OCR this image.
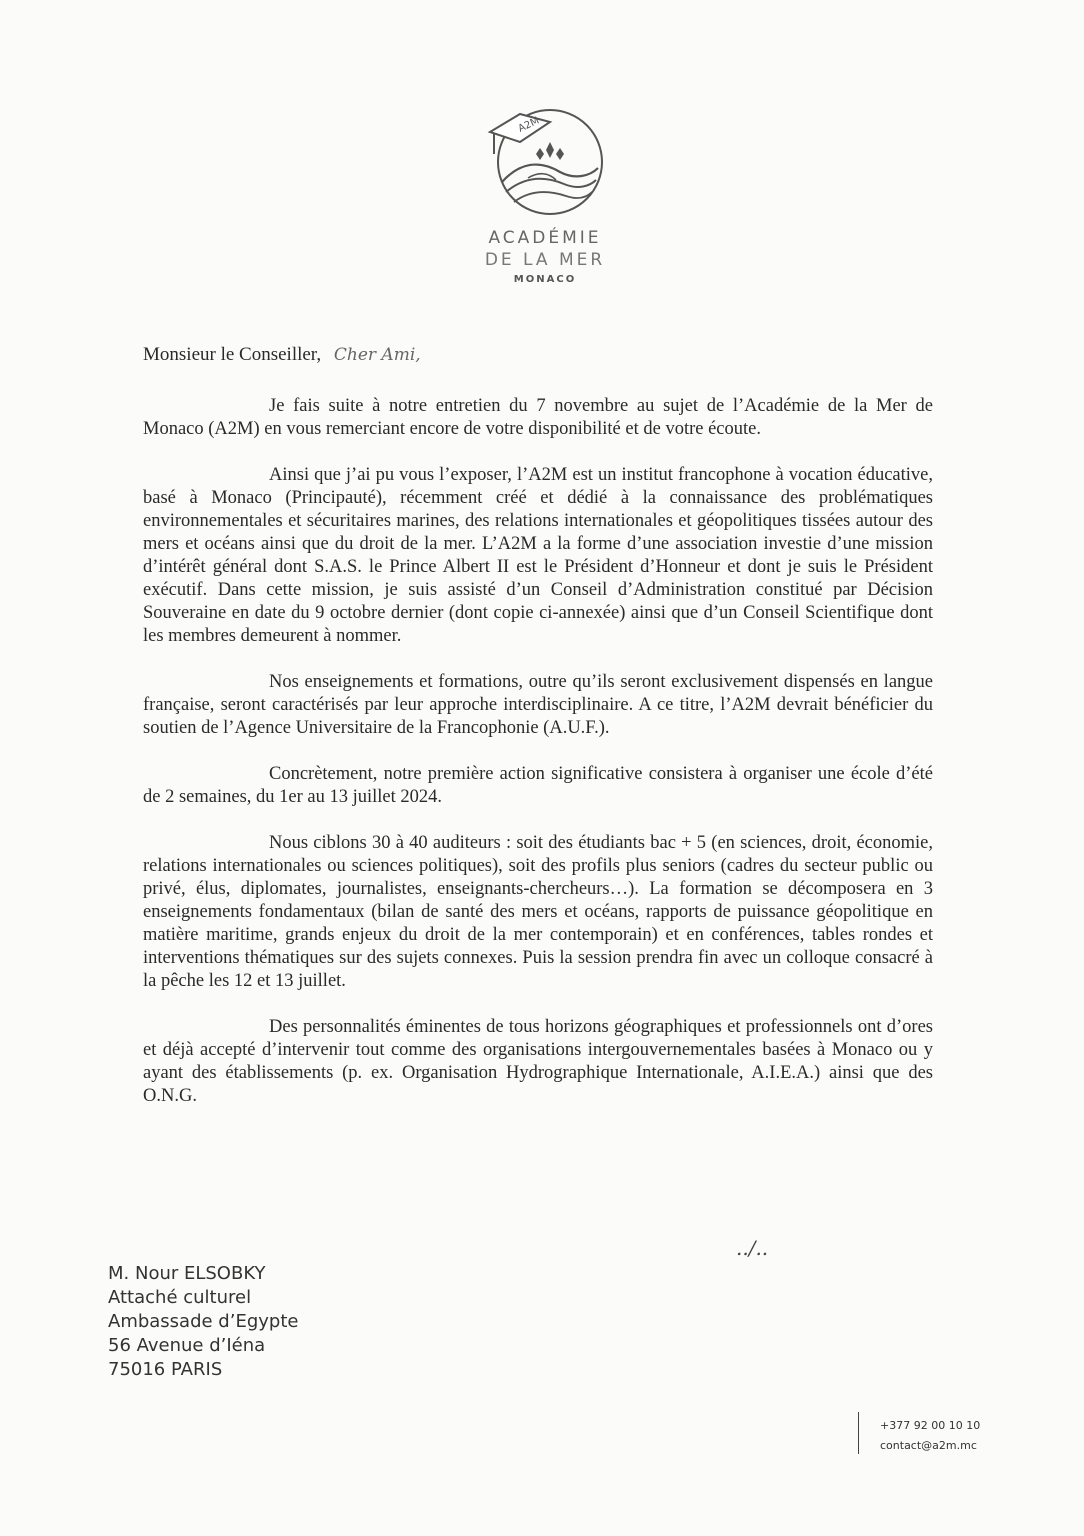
A2M
ACADÉMIE
DE LA MER
MONACO
Monsieur le Conseiller, Cher Ami,

Je fais suite à notre entretien du 7 novembre au sujet de l’Académie de la Mer de Monaco (A2M) en vous remerciant encore de votre disponibilité et de votre écoute.

Ainsi que j’ai pu vous l’exposer, l’A2M est un institut francophone à vocation éducative, basé à Monaco (Principauté), récemment créé et dédié à la connaissance des problématiques environnementales et sécuritaires marines, des relations internationales et géopolitiques tissées autour des mers et océans ainsi que du droit de la mer. L’A2M a la forme d’une association investie d’une mission d’intérêt général dont S.A.S. le Prince Albert II est le Président d’Honneur et dont je suis le Président exécutif. Dans cette mission, je suis assisté d’un Conseil d’Administration constitué par Décision Souveraine en date du 9 octobre dernier (dont copie ci-annexée) ainsi que d’un Conseil Scientifique dont les membres demeurent à nommer.

Nos enseignements et formations, outre qu’ils seront exclusivement dispensés en langue française, seront caractérisés par leur approche interdisciplinaire. A ce titre, l’A2M devrait bénéficier du soutien de l’Agence Universitaire de la Francophonie (A.U.F.).

Concrètement, notre première action significative consistera à organiser une école d’été de 2 semaines, du 1er au 13 juillet 2024.

Nous ciblons 30 à 40 auditeurs : soit des étudiants bac + 5 (en sciences, droit, économie, relations internationales ou sciences politiques), soit des profils plus seniors (cadres du secteur public ou privé, élus, diplomates, journalistes, enseignants-chercheurs…). La formation se décomposera en 3 enseignements fondamentaux (bilan de santé des mers et océans, rapports de puissance géopolitique en matière maritime, grands enjeux du droit de la mer contemporain) et en conférences, tables rondes et interventions thématiques sur des sujets connexes. Puis la session prendra fin avec un colloque consacré à la pêche les 12 et 13 juillet.

Des personnalités éminentes de tous horizons géographiques et professionnels ont d’ores et déjà accepté d’intervenir tout comme des organisations intergouvernementales basées à Monaco ou y ayant des établissements (p. ex. Organisation Hydrographique Internationale, A.I.E.A.) ainsi que des O.N.G.

../..
M. Nour ELSOBKY
Attaché culturel
Ambassade d’Egypte
56 Avenue d’Iéna
75016 PARIS
+377 92 00 10 10
contact@a2m.mc
